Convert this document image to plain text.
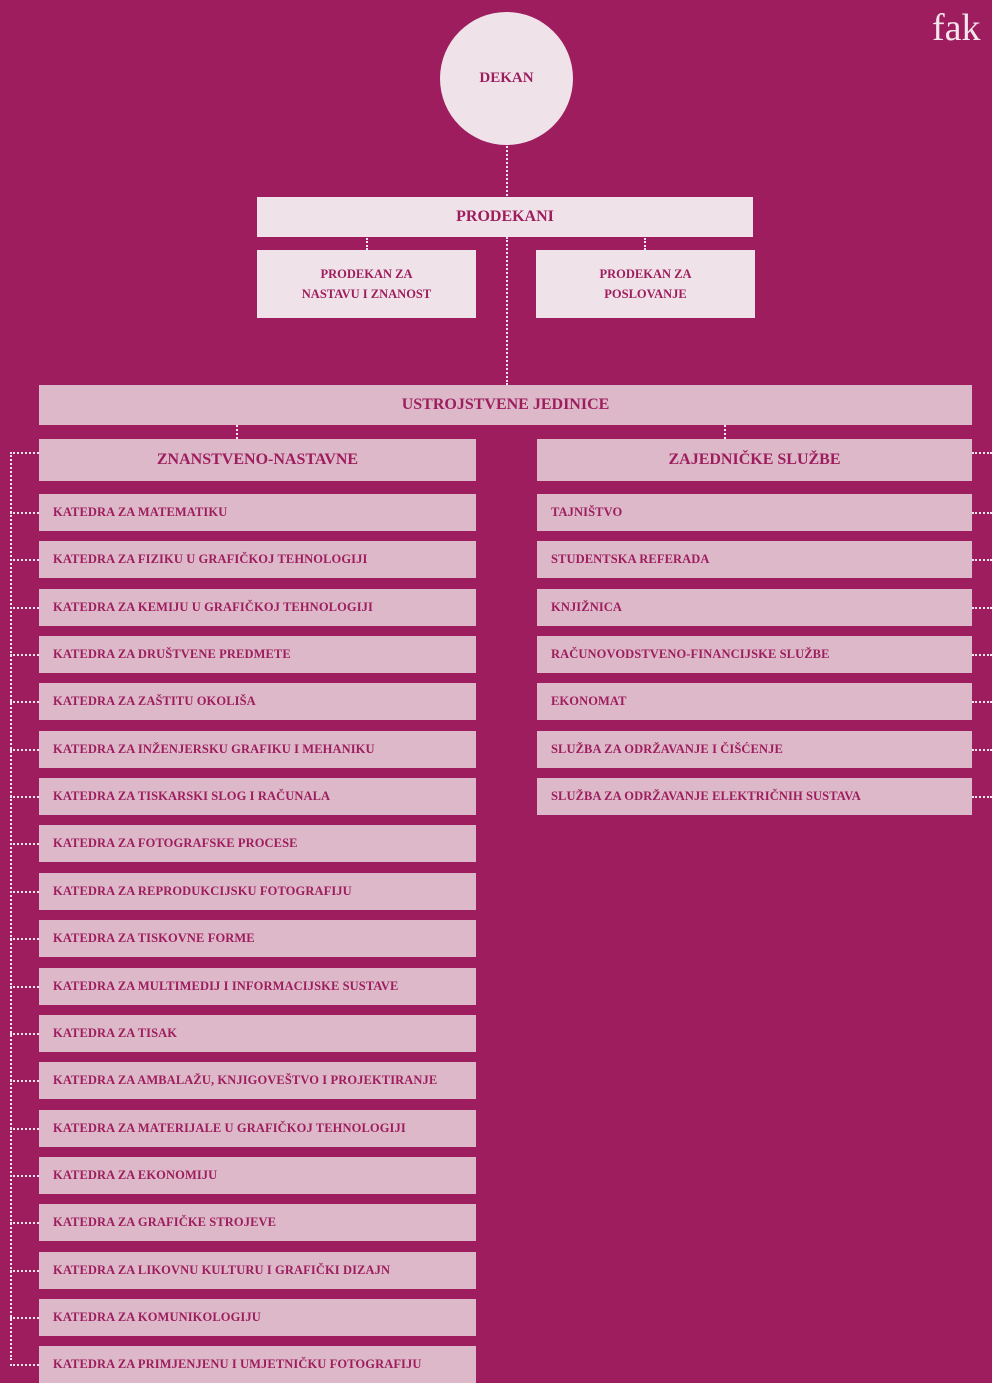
fak
DEKAN
PRODEKANI
PRODEKAN ZA
NASTAVU I ZNANOST
PRODEKAN ZA
POSLOVANJE
USTROJSTVENE JEDINICE
ZNANSTVENO-NASTAVNE	ZAJEDNIČKE SLUŽBE
KATEDRA ZA MATEMATIKU
KATEDRA ZA FIZIKU U GRAFIČKOJ TEHNOLOGIJI
KATEDRA ZA KEMIJU U GRAFIČKOJ TEHNOLOGIJI
KATEDRA ZA DRUŠTVENE PREDMETE
KATEDRA ZA ZAŠTITU OKOLIŠA
KATEDRA ZA INŽENJERSKU GRAFIKU I MEHANIKU
KATEDRA ZA TISKARSKI SLOG I RAČUNALA
KATEDRA ZA FOTOGRAFSKE PROCESE
KATEDRA ZA REPRODUKCIJSKU FOTOGRAFIJU
KATEDRA ZA TISKOVNE FORME
KATEDRA ZA MULTIMEDIJ I INFORMACIJSKE SUSTAVE
KATEDRA ZA TISAK
KATEDRA ZA AMBALAŽU, KNJIGOVEŠTVO I PROJEKTIRANJE
KATEDRA ZA MATERIJALE U GRAFIČKOJ TEHNOLOGIJI
KATEDRA ZA EKONOMIJU
KATEDRA ZA GRAFIČKE STROJEVE
KATEDRA ZA LIKOVNU KULTURU I GRAFIČKI DIZAJN
KATEDRA ZA KOMUNIKOLOGIJU
KATEDRA ZA PRIMJENJENU I UMJETNIČKU FOTOGRAFIJU
TAJNIŠTVO
STUDENTSKA REFERADA
KNJIŽNICA
RAČUNOVODSTVENO-FINANCIJSKE SLUŽBE
EKONOMAT
SLUŽBA ZA ODRŽAVANJE I ČIŠĆENJE
SLUŽBA ZA ODRŽAVANJE ELEKTRIČNIH SUSTAVA
